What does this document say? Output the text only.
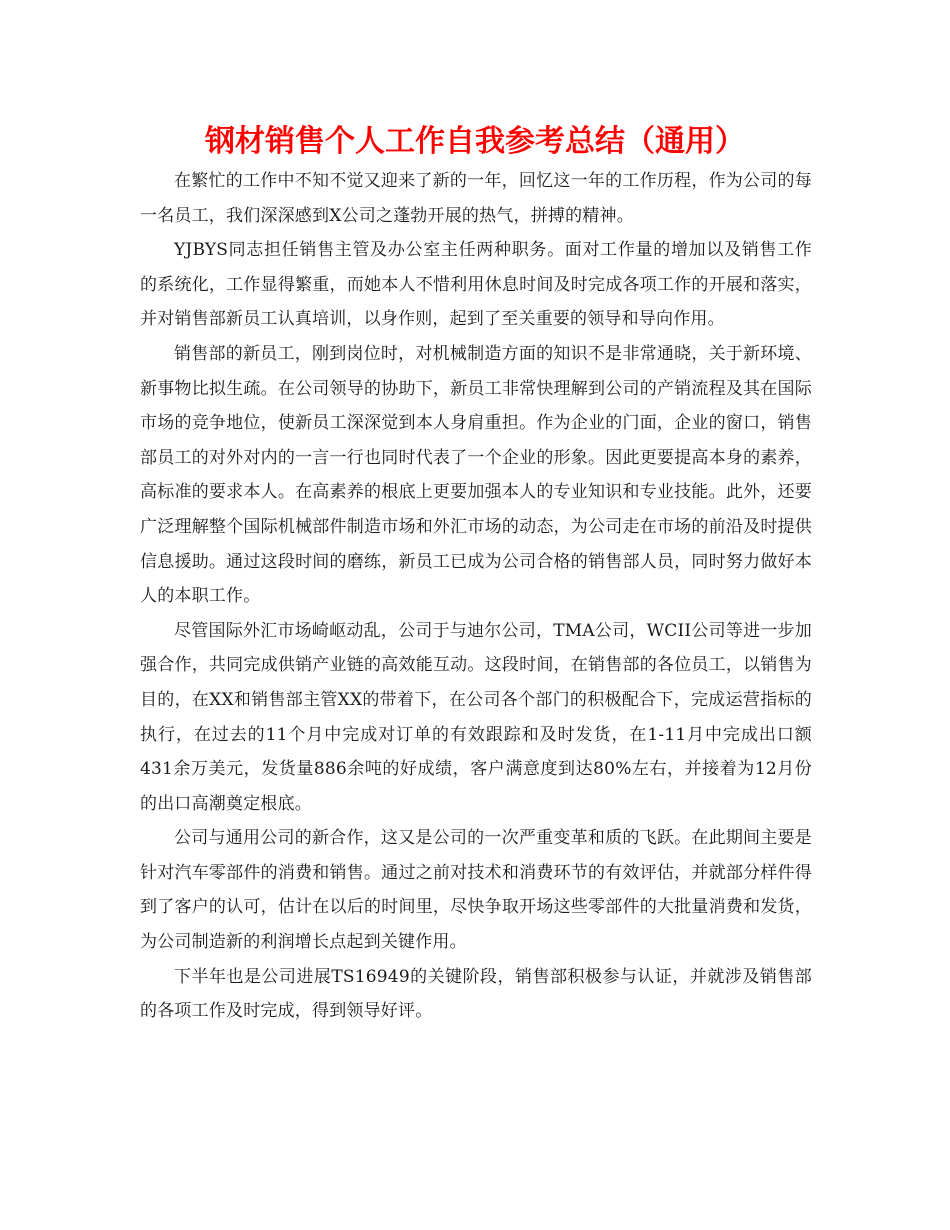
钢材销售个人工作自我参考总结（通用）

在繁忙的工作中不知不觉又迎来了新的一年，回忆这一年的工作历程，作为公司的每一名员工，我们深深感到X公司之蓬勃开展的热气，拼搏的精神。

YJBYS同志担任销售主管及办公室主任两种职务。面对工作量的增加以及销售工作的系统化，工作显得繁重，而她本人不惜利用休息时间及时完成各项工作的开展和落实，并对销售部新员工认真培训，以身作则，起到了至关重要的领导和导向作用。

销售部的新员工，刚到岗位时，对机械制造方面的知识不是非常通晓，关于新环境、新事物比拟生疏。在公司领导的协助下，新员工非常快理解到公司的产销流程及其在国际市场的竞争地位，使新员工深深觉到本人身肩重担。作为企业的门面，企业的窗口，销售部员工的对外对内的一言一行也同时代表了一个企业的形象。因此更要提高本身的素养，高标准的要求本人。在高素养的根底上更要加强本人的专业知识和专业技能。此外，还要广泛理解整个国际机械部件制造市场和外汇市场的动态，为公司走在市场的前沿及时提供信息援助。通过这段时间的磨练，新员工已成为公司合格的销售部人员，同时努力做好本人的本职工作。

尽管国际外汇市场崎岖动乱，公司于与迪尔公司，TMA公司，WCII公司等进一步加强合作，共同完成供销产业链的高效能互动。这段时间，在销售部的各位员工，以销售为目的，在XX和销售部主管XX的带着下，在公司各个部门的积极配合下，完成运营指标的执行，在过去的11个月中完成对订单的有效跟踪和及时发货，在1-11月中完成出口额431余万美元，发货量886余吨的好成绩，客户满意度到达80%左右，并接着为12月份的出口高潮奠定根底。

公司与通用公司的新合作，这又是公司的一次严重变革和质的飞跃。在此期间主要是针对汽车零部件的消费和销售。通过之前对技术和消费环节的有效评估，并就部分样件得到了客户的认可，估计在以后的时间里，尽快争取开场这些零部件的大批量消费和发货，为公司制造新的利润增长点起到关键作用。

下半年也是公司进展TS16949的关键阶段，销售部积极参与认证，并就涉及销售部的各项工作及时完成，得到领导好评。
